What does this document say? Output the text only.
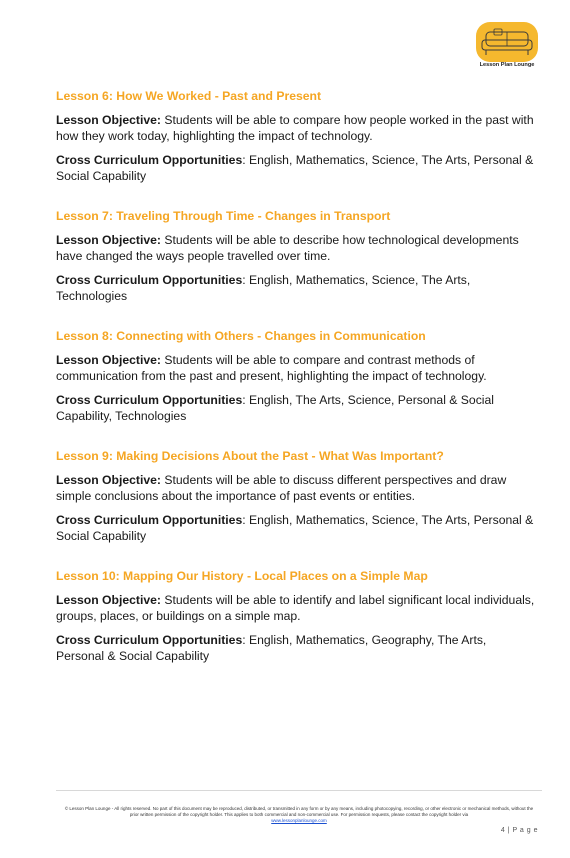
Lesson Plan Lounge

Lesson 6: How We Worked - Past and Present

Lesson Objective: Students will be able to compare how people worked in the past with how they work today, highlighting the impact of technology.

Cross Curriculum Opportunities: English, Mathematics, Science, The Arts, Personal & Social Capability

Lesson 7: Traveling Through Time - Changes in Transport

Lesson Objective: Students will be able to describe how technological developments have changed the ways people travelled over time.

Cross Curriculum Opportunities: English, Mathematics, Science, The Arts, Technologies

Lesson 8: Connecting with Others - Changes in Communication

Lesson Objective: Students will be able to compare and contrast methods of communication from the past and present, highlighting the impact of technology.

Cross Curriculum Opportunities: English, The Arts, Science, Personal & Social Capability, Technologies

Lesson 9: Making Decisions About the Past - What Was Important?

Lesson Objective: Students will be able to discuss different perspectives and draw simple conclusions about the importance of past events or entities.

Cross Curriculum Opportunities: English, Mathematics, Science, The Arts, Personal & Social Capability

Lesson 10: Mapping Our History - Local Places on a Simple Map

Lesson Objective: Students will be able to identify and label significant local individuals, groups, places, or buildings on a simple map.

Cross Curriculum Opportunities: English, Mathematics, Geography, The Arts, Personal & Social Capability

© Lesson Plan Lounge - All rights reserved. No part of this document may be reproduced, distributed, or transmitted in any form or by any means, including photocopying, recording, or other electronic or mechanical methods, without the prior written permission of the copyright holder. This applies to both commercial and non-commercial use. For permission requests, please contact the copyright holder via
www.lessonplanlounge.com
4 | P a g e
